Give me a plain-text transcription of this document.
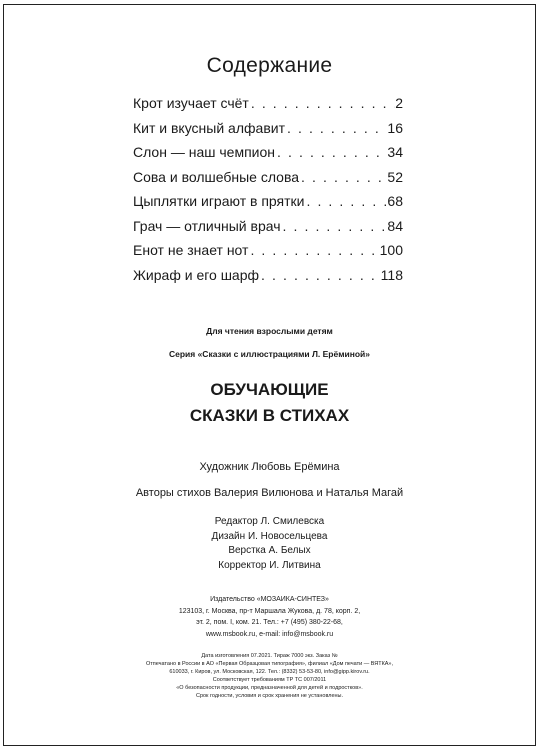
Содержание
Крот изучает счёт . . .	2
Кит и вкусный алфавит . . .	16
Слон — наш чемпион . . .	34
Сова и волшебные слова . . .	52
Цыплятки играют в прятки . . .	68
Грач — отличный врач . . .	84
Енот не знает нот . . .	100
Жираф и его шарф . . .	118
Для чтения взрослыми детям
Серия «Сказки с иллюстрациями Л. Ерёминой»
ОБУЧАЮЩИЕ
СКАЗКИ В СТИХАХ
Художник Любовь Ерёмина
Авторы стихов Валерия Вилюнова и Наталья Магай

Редактор Л. Смилевска

Дизайн И. Новосельцева

Верстка А. Белых

Корректор И. Литвина

Издательство «МОЗАИКА-СИНТЕЗ»

123103, г. Москва, пр-т Маршала Жукова, д. 78, корп. 2,

эт. 2, пом. I, ком. 21. Тел.: +7 (495) 380-22-68,

www.msbook.ru, e-mail: info@msbook.ru

Дата изготовления 07.2021. Тираж 7000 экз. Заказ №

Отпечатано в России в АО «Первая Образцовая типография», филиал «Дом печати — ВЯТКА»,

610033, г. Киров, ул. Московская, 122. Тел.: (8332) 53-53-80, info@gipp.kirov.ru.

Соответствует требованиям ТР ТС 007/2011

«О безопасности продукции, предназначенной для детей и подростков».

Срок годности, условия и срок хранения не установлены.
